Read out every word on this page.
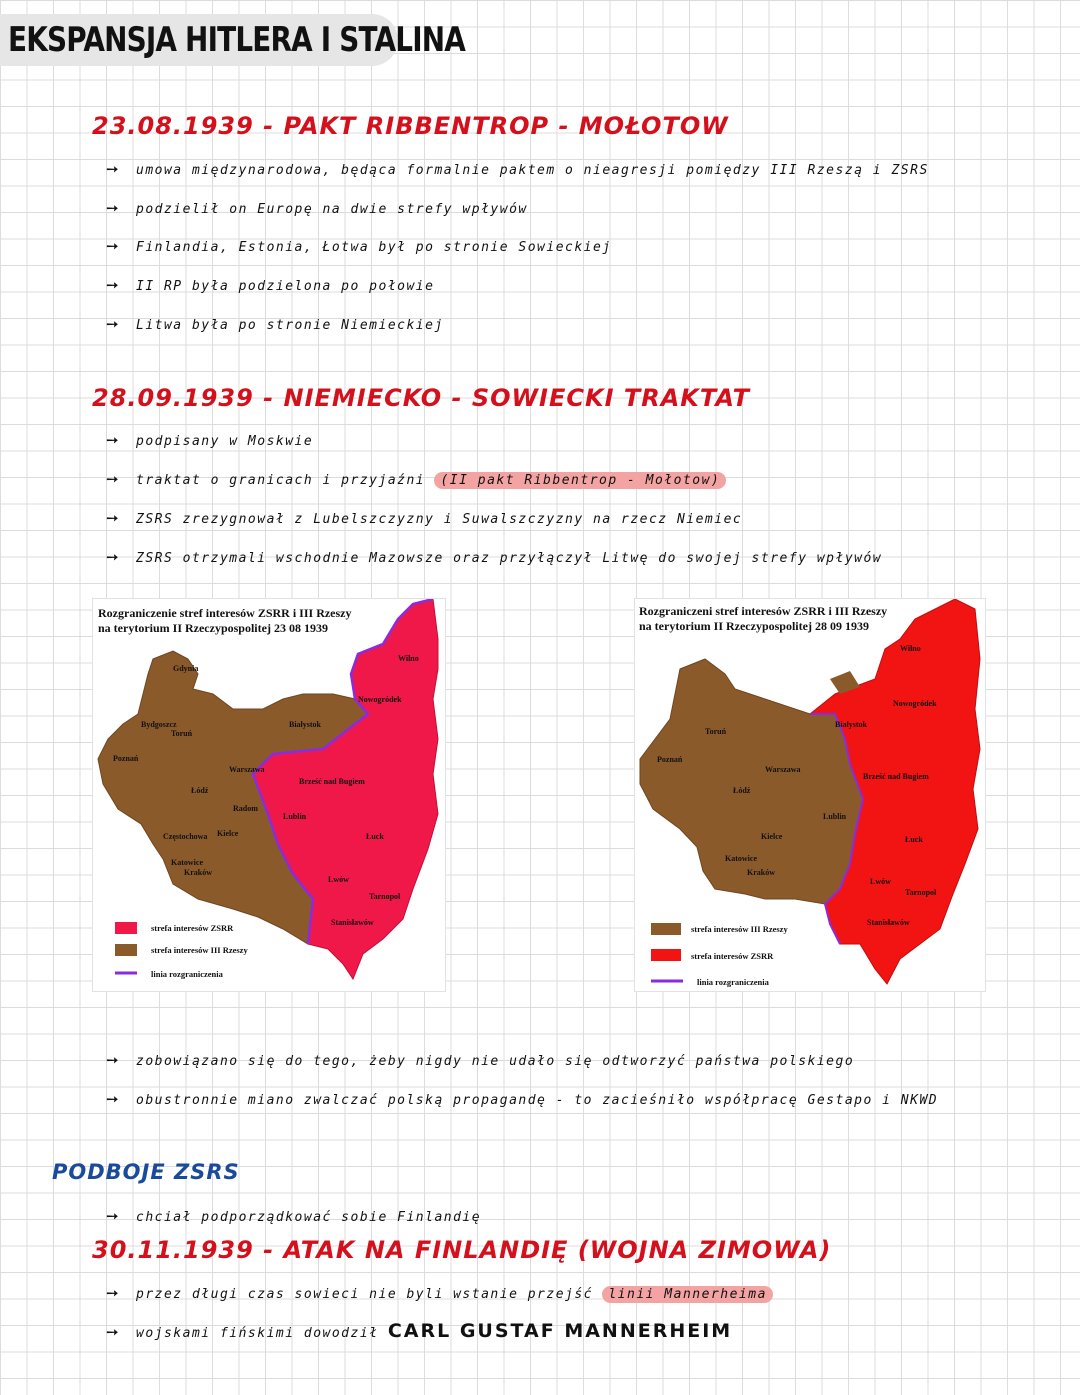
EKSPANSJA HITLERA I STALINA
23.08.1939 - PAKT RIBBENTROP - MOŁOTOW
➙ umowa międzynarodowa, będąca formalnie paktem o nieagresji pomiędzy III Rzeszą i ZSRS
➙ podzielił on Europę na dwie strefy wpływów
➙ Finlandia, Estonia, Łotwa był po stronie Sowieckiej
➙ II RP była podzielona po połowie
➙ Litwa była po stronie Niemieckiej
28.09.1939 - NIEMIECKO - SOWIECKI TRAKTAT
➙ podpisany w Moskwie
➙ traktat o granicach i przyjaźni (II pakt Ribbentrop - Mołotow)
➙ ZSRS zrezygnował z Lubelszczyzny i Suwalszczyzny na rzecz Niemiec
➙ ZSRS otrzymali wschodnie Mazowsze oraz przyłączył Litwę do swojej strefy wpływów
Rozgraniczenie stref interesów ZSRR i III Rzeszy
na terytorium II Rzeczypospolitej 23 08 1939
Gdynia
Wilno
Nowogródek
Bydgoszcz
Toruń
Białystok
Poznań
Warszawa
Brześć nad Bugiem
Łódź
Radom
Lublin
Częstochowa Kielce	Łuck
Katowice
Kraków
Lwów
Tarnopol
Stanisławów
strefa interesów ZSRR
strefa interesów III Rzeszy
linia rozgraniczenia
Rozgraniczeni stref interesów ZSRR i III Rzeszy
na terytorium II Rzeczypospolitej 28 09 1939
Wilno
Nowogródek
Toruń
Białystok
Poznań
Warszawa
Brześć nad Bugiem
Łódź
Lublin
Kielce	Łuck
Katowice
Kraków
Lwów
Tarnopol
Stanisławów
strefa interesów III Rzeszy
strefa interesów ZSRR
linia rozgraniczenia
➙ zobowiązano się do tego, żeby nigdy nie udało się odtworzyć państwa polskiego
➙ obustronnie miano zwalczać polską propagandę - to zacieśniło współpracę Gestapo i NKWD
PODBOJE ZSRS
➙ chciał podporządkować sobie Finlandię
30.11.1939 - ATAK NA FINLANDIĘ (WOJNA ZIMOWA)
➙ przez długi czas sowieci nie byli wstanie przejść linii Mannerheima
➙ wojskami fińskimi dowodził CARL GUSTAF MANNERHEIM
